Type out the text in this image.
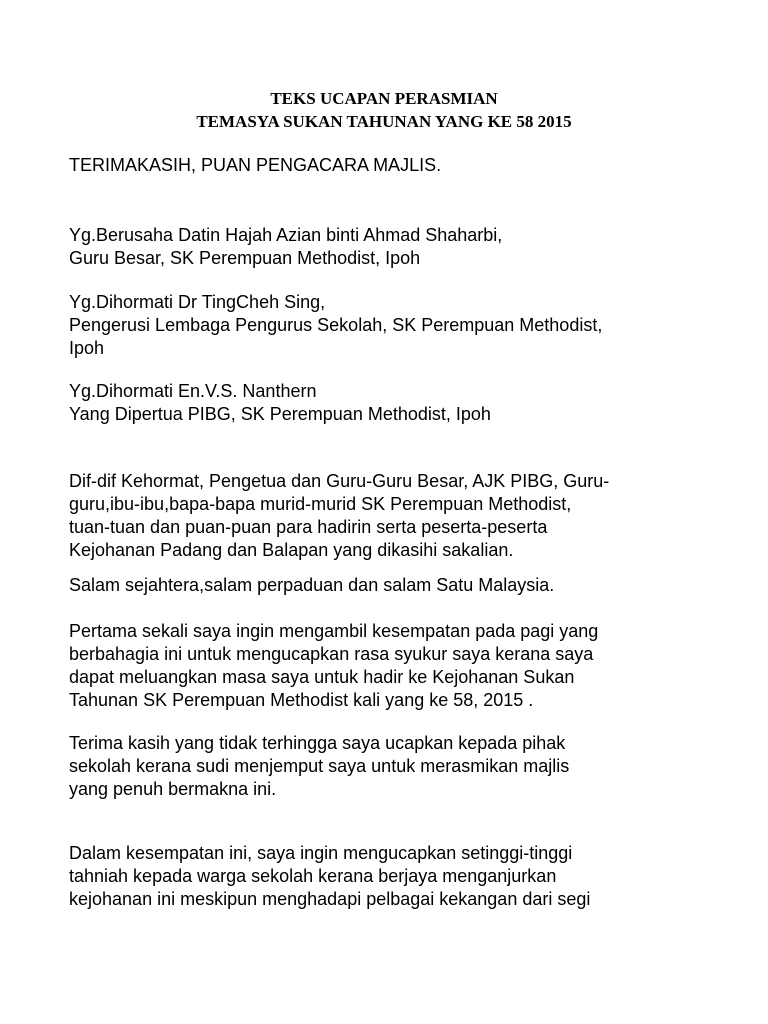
TEKS UCAPAN PERASMIAN
TEMASYA SUKAN TAHUNAN YANG KE 58 2015

TERIMAKASIH, PUAN PENGACARA MAJLIS.

Yg.Berusaha Datin Hajah Azian binti Ahmad Shaharbi,
Guru Besar, SK Perempuan Methodist, Ipoh

Yg.Dihormati Dr TingCheh Sing,
Pengerusi Lembaga Pengurus Sekolah, SK Perempuan Methodist,
Ipoh

Yg.Dihormati En.V.S. Nanthern
Yang Dipertua PIBG, SK Perempuan Methodist, Ipoh

Dif-dif Kehormat, Pengetua dan Guru-Guru Besar, AJK PIBG, Guru-
guru,ibu-ibu,bapa-bapa murid-murid SK Perempuan Methodist,
tuan-tuan dan puan-puan para hadirin serta peserta-peserta
Kejohanan Padang dan Balapan yang dikasihi sakalian.

Salam sejahtera,salam perpaduan dan salam Satu Malaysia.

Pertama sekali saya ingin mengambil kesempatan pada pagi yang
berbahagia ini untuk mengucapkan rasa syukur saya kerana saya
dapat meluangkan masa saya untuk hadir ke Kejohanan Sukan
Tahunan SK Perempuan Methodist kali yang ke 58, 2015 .

Terima kasih yang tidak terhingga saya ucapkan kepada pihak
sekolah kerana sudi menjemput saya untuk merasmikan majlis
yang penuh bermakna ini.

Dalam kesempatan ini, saya ingin mengucapkan setinggi-tinggi
tahniah kepada warga sekolah kerana berjaya menganjurkan
kejohanan ini meskipun menghadapi pelbagai kekangan dari segi
